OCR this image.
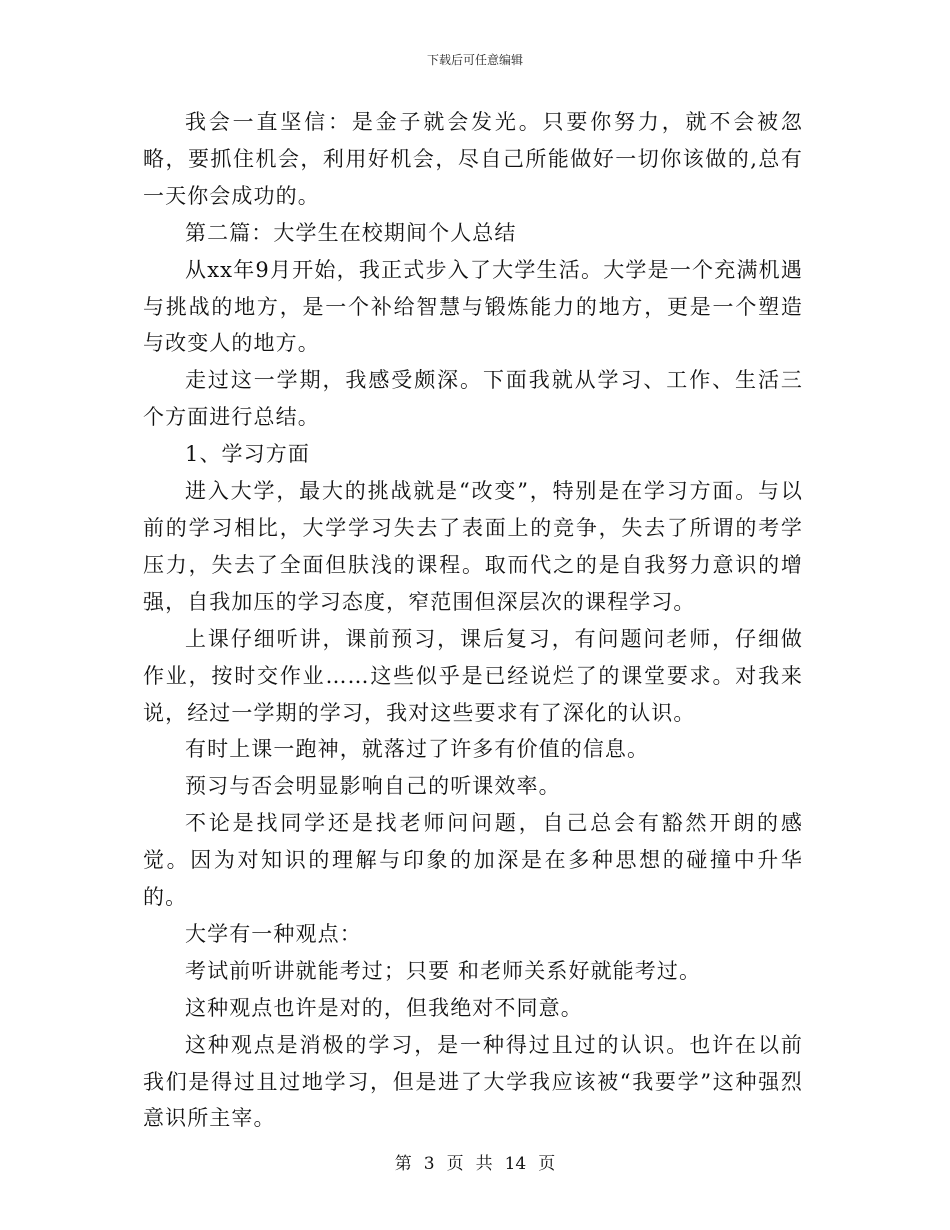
下载后可任意编辑

我会一直坚信：是金子就会发光。只要你努力，就不会被忽略，要抓住机会，利用好机会，尽自己所能做好一切你该做的,总有一天你会成功的。

第二篇：大学生在校期间个人总结

从xx年9月开始，我正式步入了大学生活。大学是一个充满机遇与挑战的地方，是一个补给智慧与锻炼能力的地方，更是一个塑造与改变人的地方。

走过这一学期，我感受颇深。下面我就从学习、工作、生活三个方面进行总结。

1、学习方面

进入大学，最大的挑战就是“改变”，特别是在学习方面。与以前的学习相比，大学学习失去了表面上的竞争，失去了所谓的考学压力，失去了全面但肤浅的课程。取而代之的是自我努力意识的增强，自我加压的学习态度，窄范围但深层次的课程学习。

上课仔细听讲，课前预习，课后复习，有问题问老师，仔细做作业，按时交作业……这些似乎是已经说烂了的课堂要求。对我来说，经过一学期的学习，我对这些要求有了深化的认识。

有时上课一跑神，就落过了许多有价值的信息。

预习与否会明显影响自己的听课效率。

不论是找同学还是找老师问问题，自己总会有豁然开朗的感觉。因为对知识的理解与印象的加深是在多种思想的碰撞中升华的。

大学有一种观点：

考试前听讲就能考过；只要 和老师关系好就能考过。

这种观点也许是对的，但我绝对不同意。

这种观点是消极的学习，是一种得过且过的认识。也许在以前我们是得过且过地学习，但是进了大学我应该被“我要学”这种强烈意识所主宰。

第 3 页 共 14 页
